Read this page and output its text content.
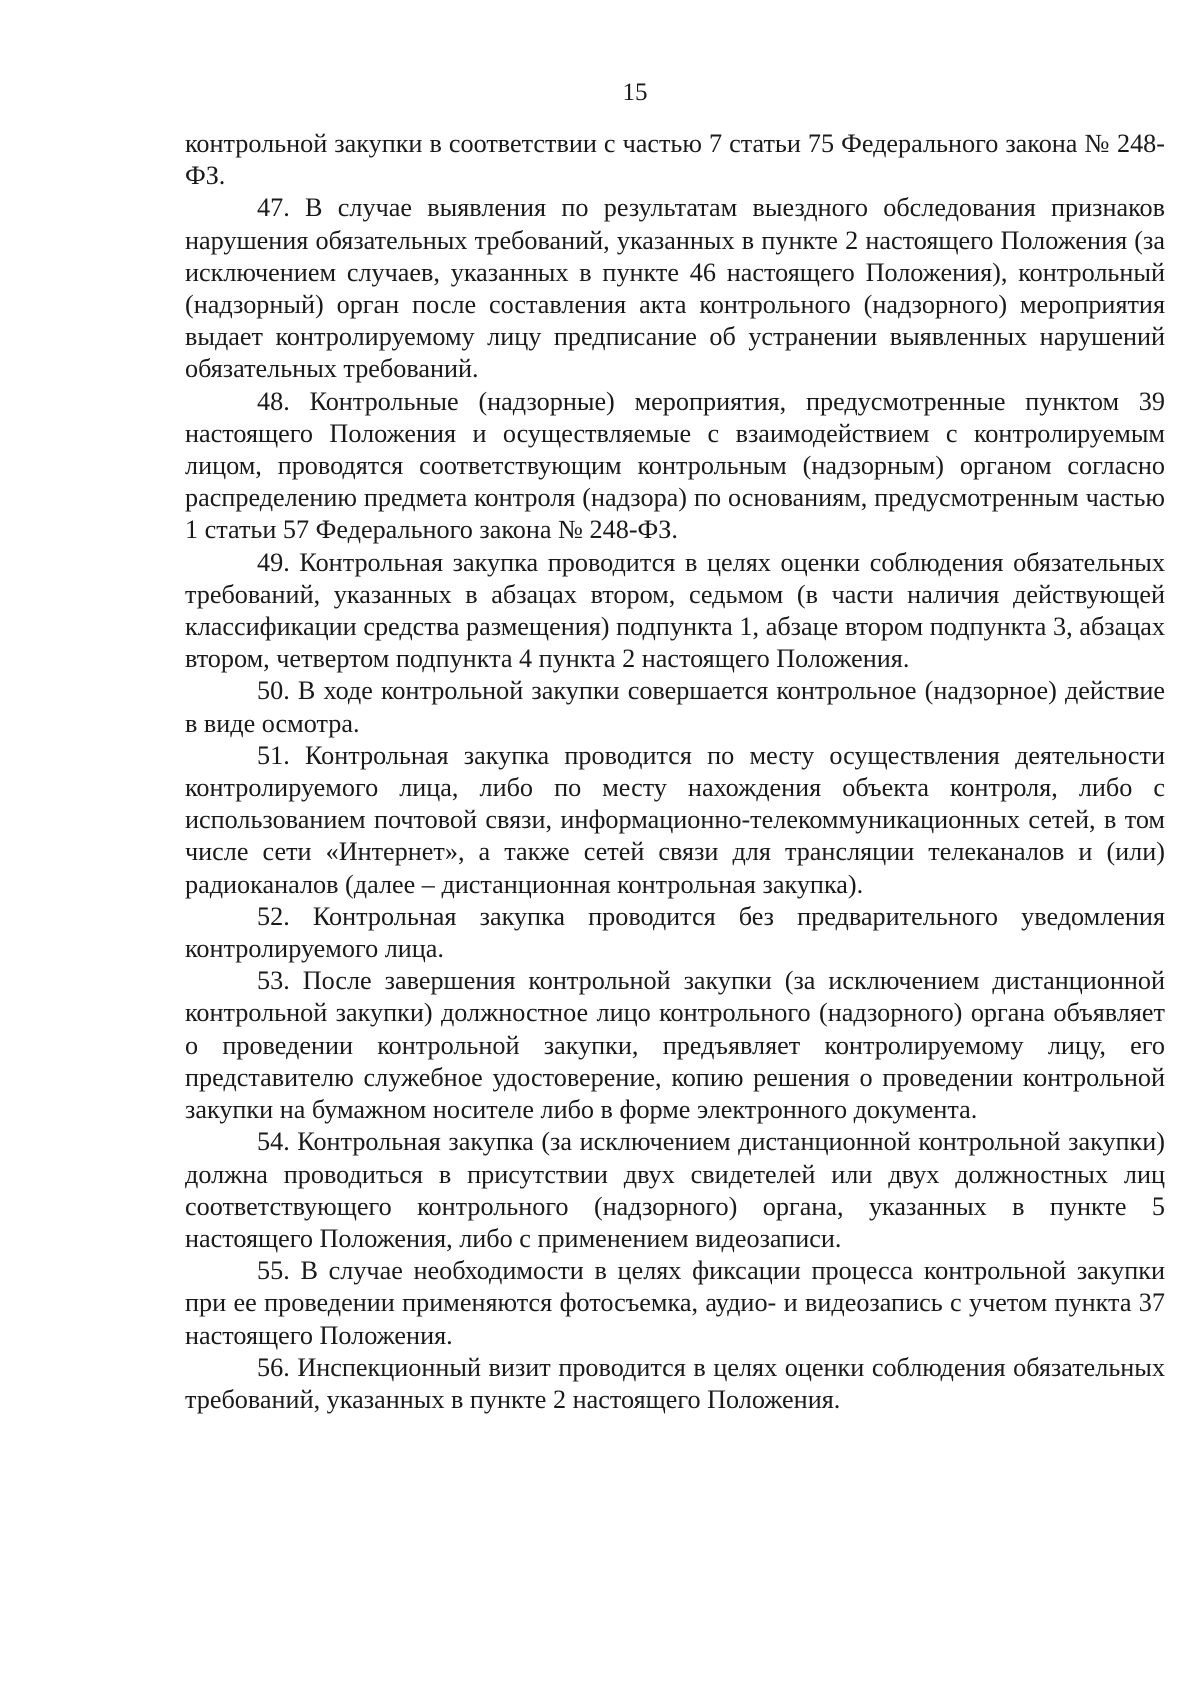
15

контрольной закупки в соответствии с частью 7 статьи 75 Федерального закона № 248-ФЗ.

47. В случае выявления по результатам выездного обследования признаков нарушения обязательных требований, указанных в пункте 2 настоящего Положения (за исключением случаев, указанных в пункте 46 настоящего Положения), контрольный (надзорный) орган после составления акта контрольного (надзорного) мероприятия выдает контролируемому лицу предписание об устранении выявленных нарушений обязательных требований.

48. Контрольные (надзорные) мероприятия, предусмотренные пунктом 39 настоящего Положения и осуществляемые с взаимодействием с контролируемым лицом, проводятся соответствующим контрольным (надзорным) органом согласно распределению предмета контроля (надзора) по основаниям, предусмотренным частью 1 статьи 57 Федерального закона № 248-ФЗ.

49. Контрольная закупка проводится в целях оценки соблюдения обязательных требований, указанных в абзацах втором, седьмом (в части наличия действующей классификации средства размещения) подпункта 1, абзаце втором подпункта 3, абзацах втором, четвертом подпункта 4 пункта 2 настоящего Положения.

50. В ходе контрольной закупки совершается контрольное (надзорное) действие в виде осмотра.

51. Контрольная закупка проводится по месту осуществления деятельности контролируемого лица, либо по месту нахождения объекта контроля, либо с использованием почтовой связи, информационно-телекоммуникационных сетей, в том числе сети «Интернет», а также сетей связи для трансляции телеканалов и (или) радиоканалов (далее – дистанционная контрольная закупка).

52. Контрольная закупка проводится без предварительного уведомления контролируемого лица.

53. После завершения контрольной закупки (за исключением дистанционной контрольной закупки) должностное лицо контрольного (надзорного) органа объявляет о проведении контрольной закупки, предъявляет контролируемому лицу, его представителю служебное удостоверение, копию решения о проведении контрольной закупки на бумажном носителе либо в форме электронного документа.

54. Контрольная закупка (за исключением дистанционной контрольной закупки) должна проводиться в присутствии двух свидетелей или двух должностных лиц соответствующего контрольного (надзорного) органа, указанных в пункте 5 настоящего Положения, либо с применением видеозаписи.

55. В случае необходимости в целях фиксации процесса контрольной закупки при ее проведении применяются фотосъемка, аудио- и видеозапись с учетом пункта 37 настоящего Положения.

56. Инспекционный визит проводится в целях оценки соблюдения обязательных требований, указанных в пункте 2 настоящего Положения.
